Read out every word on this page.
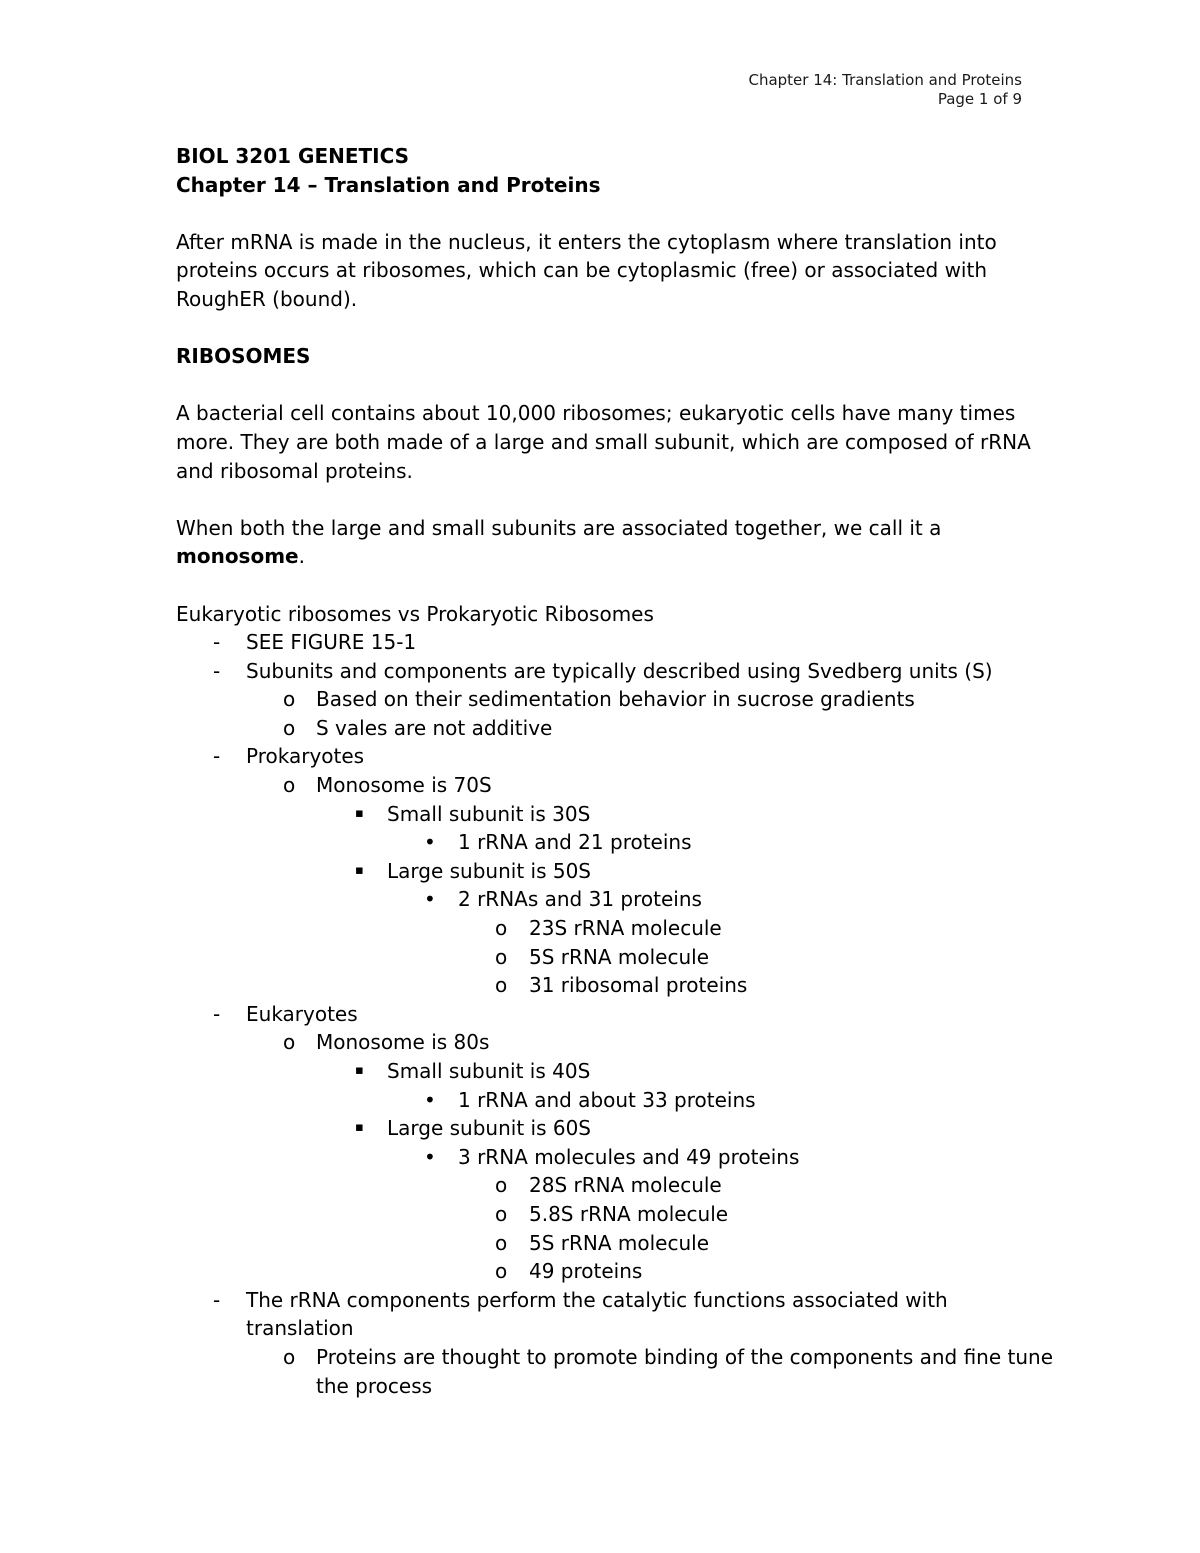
Chapter 14: Translation and Proteins
Page 1 of 9

BIOL 3201 GENETICS

Chapter 14 – Translation and Proteins

After mRNA is made in the nucleus, it enters the cytoplasm where translation into proteins occurs at ribosomes, which can be cytoplasmic (free) or associated with RoughER (bound).

RIBOSOMES

A bacterial cell contains about 10,000 ribosomes; eukaryotic cells have many times more. They are both made of a large and small subunit, which are composed of rRNA and ribosomal proteins.

When both the large and small subunits are associated together, we call it a monosome.

Eukaryotic ribosomes vs Prokaryotic Ribosomes

- SEE FIGURE 15-1
- Subunits and components are typically described using Svedberg units (S)
o Based on their sedimentation behavior in sucrose gradients
o S vales are not additive
- Prokaryotes
o Monosome is 70S
▪ Small subunit is 30S
• 1 rRNA and 21 proteins
▪ Large subunit is 50S
• 2 rRNAs and 31 proteins
o 23S rRNA molecule
o 5S rRNA molecule
o 31 ribosomal proteins
- Eukaryotes
o Monosome is 80s
▪ Small subunit is 40S
• 1 rRNA and about 33 proteins
▪ Large subunit is 60S
• 3 rRNA molecules and 49 proteins
o 28S rRNA molecule
o 5.8S rRNA molecule
o 5S rRNA molecule
o 49 proteins
- The rRNA components perform the catalytic functions associated with translation
o Proteins are thought to promote binding of the components and fine tune the process
